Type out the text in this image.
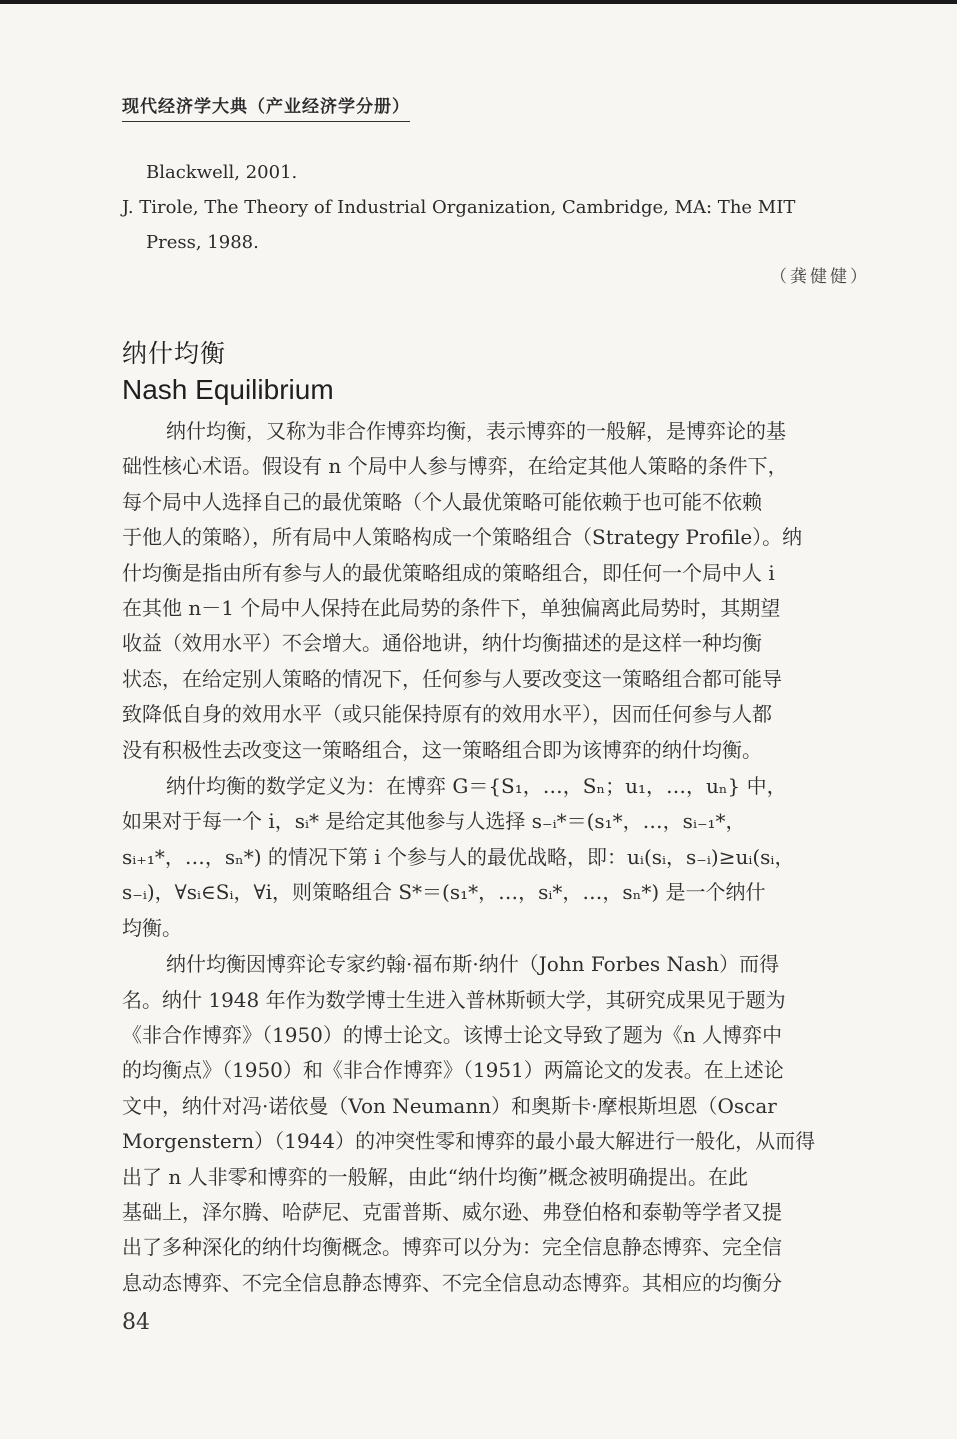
现代经济学大典（产业经济学分册）

Blackwell, 2001.

J. Tirole, The Theory of Industrial Organization, Cambridge, MA: The MIT
Press, 1988.

（龚健健）
纳什均衡
Nash Equilibrium

纳什均衡，又称为非合作博弈均衡，表示博弈的一般解，是博弈论的基
础性核心术语。假设有 n 个局中人参与博弈，在给定其他人策略的条件下，
每个局中人选择自己的最优策略（个人最优策略可能依赖于也可能不依赖
于他人的策略），所有局中人策略构成一个策略组合（Strategy Profile）。纳
什均衡是指由所有参与人的最优策略组成的策略组合，即任何一个局中人 i
在其他 n－1 个局中人保持在此局势的条件下，单独偏离此局势时，其期望
收益（效用水平）不会增大。通俗地讲，纳什均衡描述的是这样一种均衡
状态，在给定别人策略的情况下，任何参与人要改变这一策略组合都可能导
致降低自身的效用水平（或只能保持原有的效用水平），因而任何参与人都
没有积极性去改变这一策略组合，这一策略组合即为该博弈的纳什均衡。

纳什均衡的数学定义为：在博弈 G＝{S₁，…，Sₙ；u₁，…，uₙ} 中，
如果对于每一个 i，sᵢ* 是给定其他参与人选择 s₋ᵢ*＝(s₁*，…，sᵢ₋₁*，
sᵢ₊₁*，…，sₙ*) 的情况下第 i 个参与人的最优战略，即：uᵢ(sᵢ，s₋ᵢ)≥uᵢ(sᵢ，
s₋ᵢ)，∀sᵢ∈Sᵢ，∀i，则策略组合 S*＝(s₁*，…，sᵢ*，…，sₙ*) 是一个纳什
均衡。

纳什均衡因博弈论专家约翰·福布斯·纳什（John Forbes Nash）而得
名。纳什 1948 年作为数学博士生进入普林斯顿大学，其研究成果见于题为
《非合作博弈》（1950）的博士论文。该博士论文导致了题为《n 人博弈中
的均衡点》（1950）和《非合作博弈》（1951）两篇论文的发表。在上述论
文中，纳什对冯·诺依曼（Von Neumann）和奥斯卡·摩根斯坦恩（Oscar
Morgenstern）（1944）的冲突性零和博弈的最小最大解进行一般化，从而得
出了 n 人非零和博弈的一般解，由此“纳什均衡”概念被明确提出。在此
基础上，泽尔腾、哈萨尼、克雷普斯、威尔逊、弗登伯格和泰勒等学者又提
出了多种深化的纳什均衡概念。博弈可以分为：完全信息静态博弈、完全信
息动态博弈、不完全信息静态博弈、不完全信息动态博弈。其相应的均衡分

84
